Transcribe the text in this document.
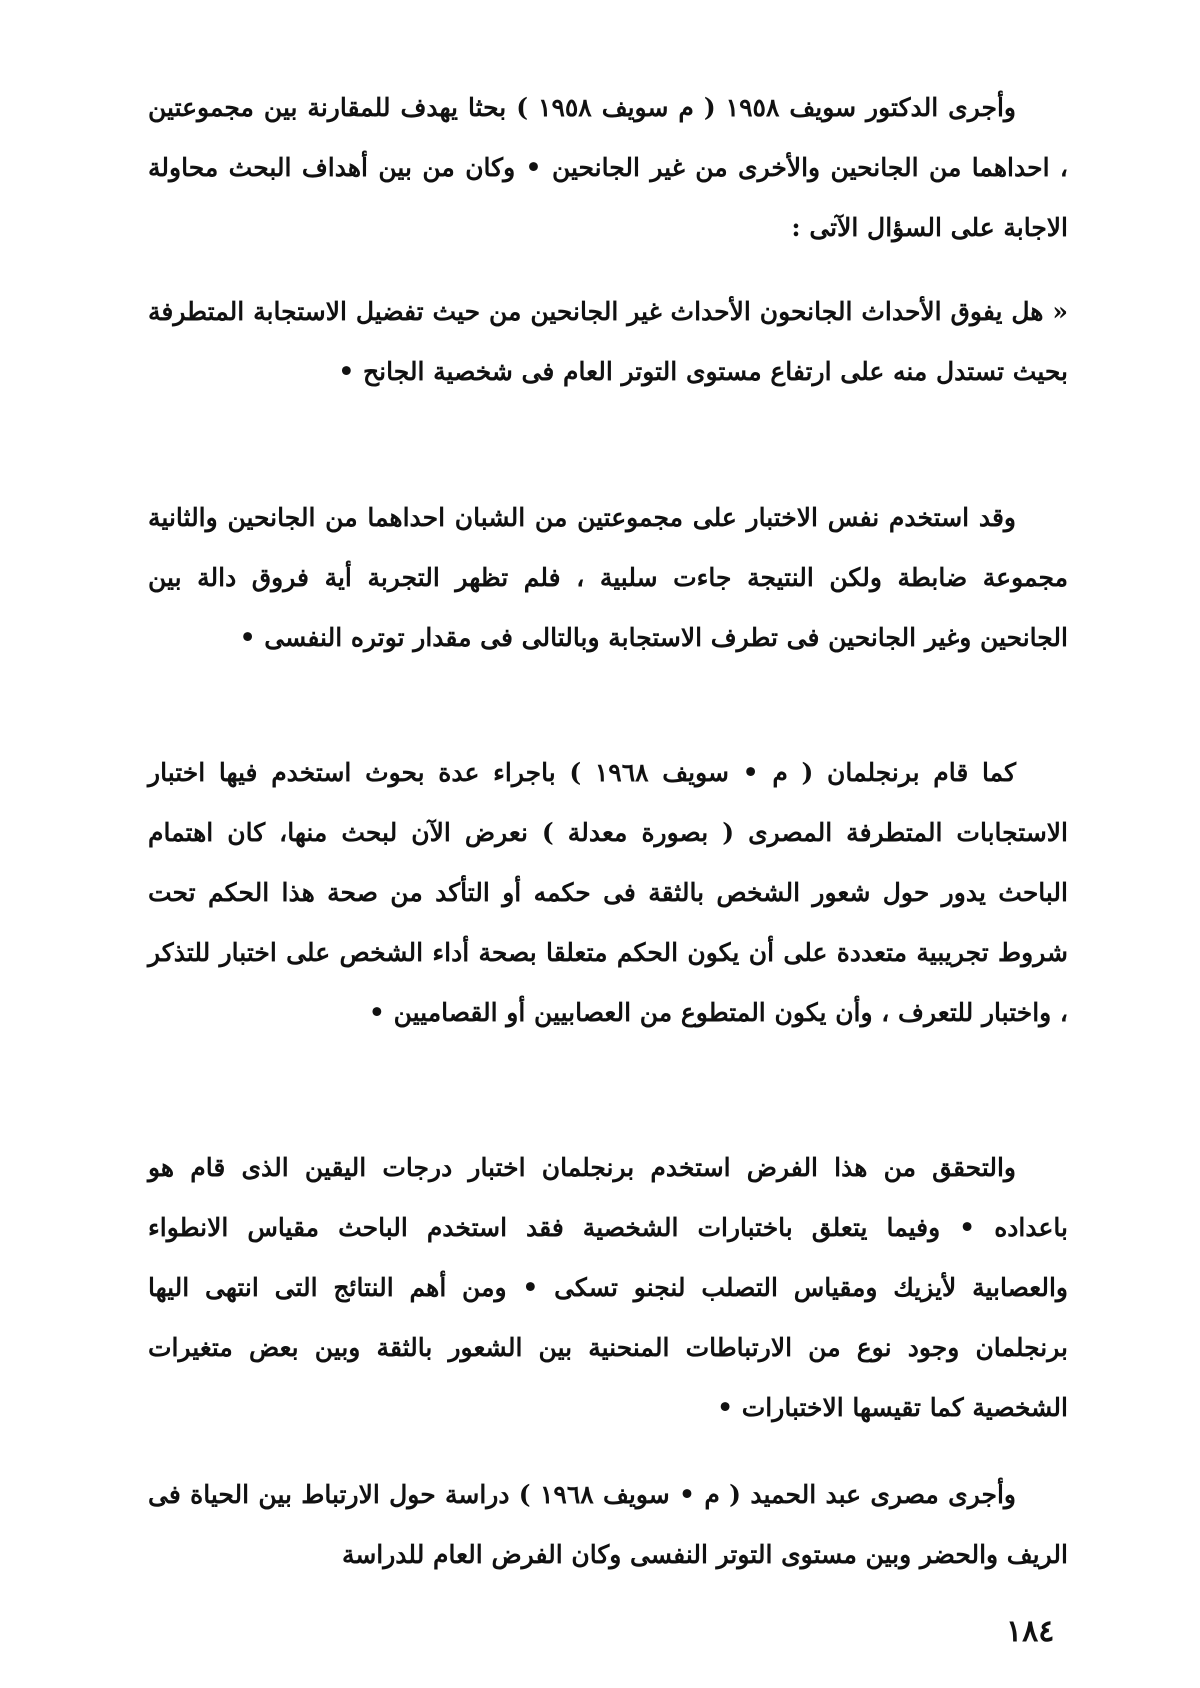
وأجرى الدكتور سويف ١٩٥٨ ( م سويف ١٩٥٨ ) بحثا يهدف للمقارنة بين مجموعتين ، احداهما من الجانحين والأخرى من غير الجانحين • وكان من بين أهداف البحث محاولة الاجابة على السؤال الآتى :

« هل يفوق الأحداث الجانحون الأحداث غير الجانحين من حيث تفضيل الاستجابة المتطرفة بحيث تستدل منه على ارتفاع مستوى التوتر العام فى شخصية الجانح •

وقد استخدم نفس الاختبار على مجموعتين من الشبان احداهما من الجانحين والثانية مجموعة ضابطة ولكن النتيجة جاءت سلبية ، فلم تظهر التجربة أية فروق دالة بين الجانحين وغير الجانحين فى تطرف الاستجابة وبالتالى فى مقدار توتره النفسى •

كما قام برنجلمان ( م • سويف ١٩٦٨ ) باجراء عدة بحوث استخدم فيها اختبار الاستجابات المتطرفة المصرى ( بصورة معدلة ) نعرض الآن لبحث منها، كان اهتمام الباحث يدور حول شعور الشخص بالثقة فى حكمه أو التأكد من صحة هذا الحكم تحت شروط تجريبية متعددة على أن يكون الحكم متعلقا بصحة أداء الشخص على اختبار للتذكر ، واختبار للتعرف ، وأن يكون المتطوع من العصابيين أو القصاميين •

والتحقق من هذا الفرض استخدم برنجلمان اختبار درجات اليقين الذى قام هو باعداده • وفيما يتعلق باختبارات الشخصية فقد استخدم الباحث مقياس الانطواء والعصابية لأيزيك ومقياس التصلب لنجنو تسكى • ومن أهم النتائج التى انتهى اليها برنجلمان وجود نوع من الارتباطات المنحنية بين الشعور بالثقة وبين بعض متغيرات الشخصية كما تقيسها الاختبارات •

وأجرى مصرى عبد الحميد ( م • سويف ١٩٦٨ ) دراسة حول الارتباط بين الحياة فى الريف والحضر وبين مستوى التوتر النفسى وكان الفرض العام للدراسة

١٨٤
